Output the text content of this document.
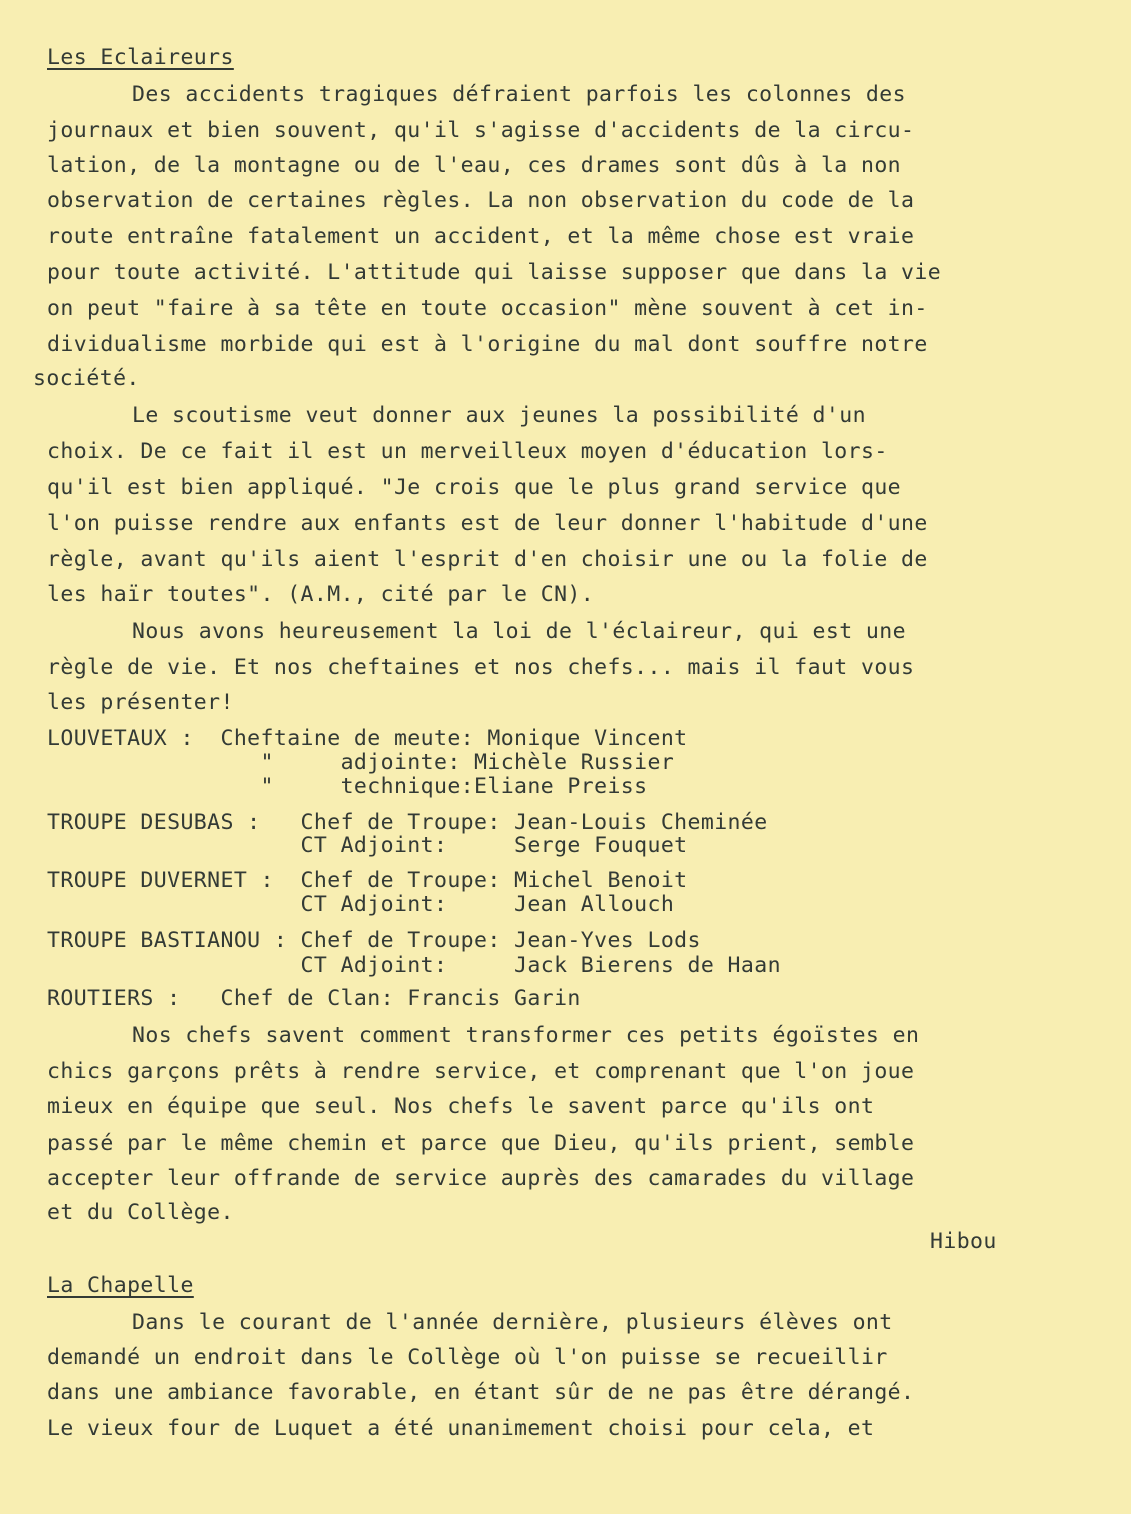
Les Eclaireurs
Des accidents tragiques défraient parfois les colonnes des
journaux et bien souvent, qu'il s'agisse d'accidents de la circu-
lation, de la montagne ou de l'eau, ces drames sont dûs à la non
observation de certaines règles. La non observation du code de la
route entraîne fatalement un accident, et la même chose est vraie
pour toute activité. L'attitude qui laisse supposer que dans la vie
on peut "faire à sa tête en toute occasion" mène souvent à cet in-
dividualisme morbide qui est à l'origine du mal dont souffre notre
société.
Le scoutisme veut donner aux jeunes la possibilité d'un
choix. De ce fait il est un merveilleux moyen d'éducation lors-
qu'il est bien appliqué. "Je crois que le plus grand service que
l'on puisse rendre aux enfants est de leur donner l'habitude d'une
règle, avant qu'ils aient l'esprit d'en choisir une ou la folie de
les haïr toutes". (A.M., cité par le CN).
Nous avons heureusement la loi de l'éclaireur, qui est une
règle de vie. Et nos cheftaines et nos chefs... mais il faut vous
les présenter!
LOUVETAUX :  Cheftaine de meute: Monique Vincent
"     adjointe: Michèle Russier
"     technique:Eliane Preiss
TROUPE DESUBAS :   Chef de Troupe: Jean-Louis Cheminée
CT Adjoint:     Serge Fouquet
TROUPE DUVERNET :  Chef de Troupe: Michel Benoit
CT Adjoint:     Jean Allouch
TROUPE BASTIANOU : Chef de Troupe: Jean-Yves Lods
CT Adjoint:     Jack Bierens de Haan
ROUTIERS :   Chef de Clan: Francis Garin
Nos chefs savent comment transformer ces petits égoïstes en
chics garçons prêts à rendre service, et comprenant que l'on joue
mieux en équipe que seul. Nos chefs le savent parce qu'ils ont
passé par le même chemin et parce que Dieu, qu'ils prient, semble
accepter leur offrande de service auprès des camarades du village
et du Collège.
Hibou
La Chapelle
Dans le courant de l'année dernière, plusieurs élèves ont
demandé un endroit dans le Collège où l'on puisse se recueillir
dans une ambiance favorable, en étant sûr de ne pas être dérangé.
Le vieux four de Luquet a été unanimement choisi pour cela, et
